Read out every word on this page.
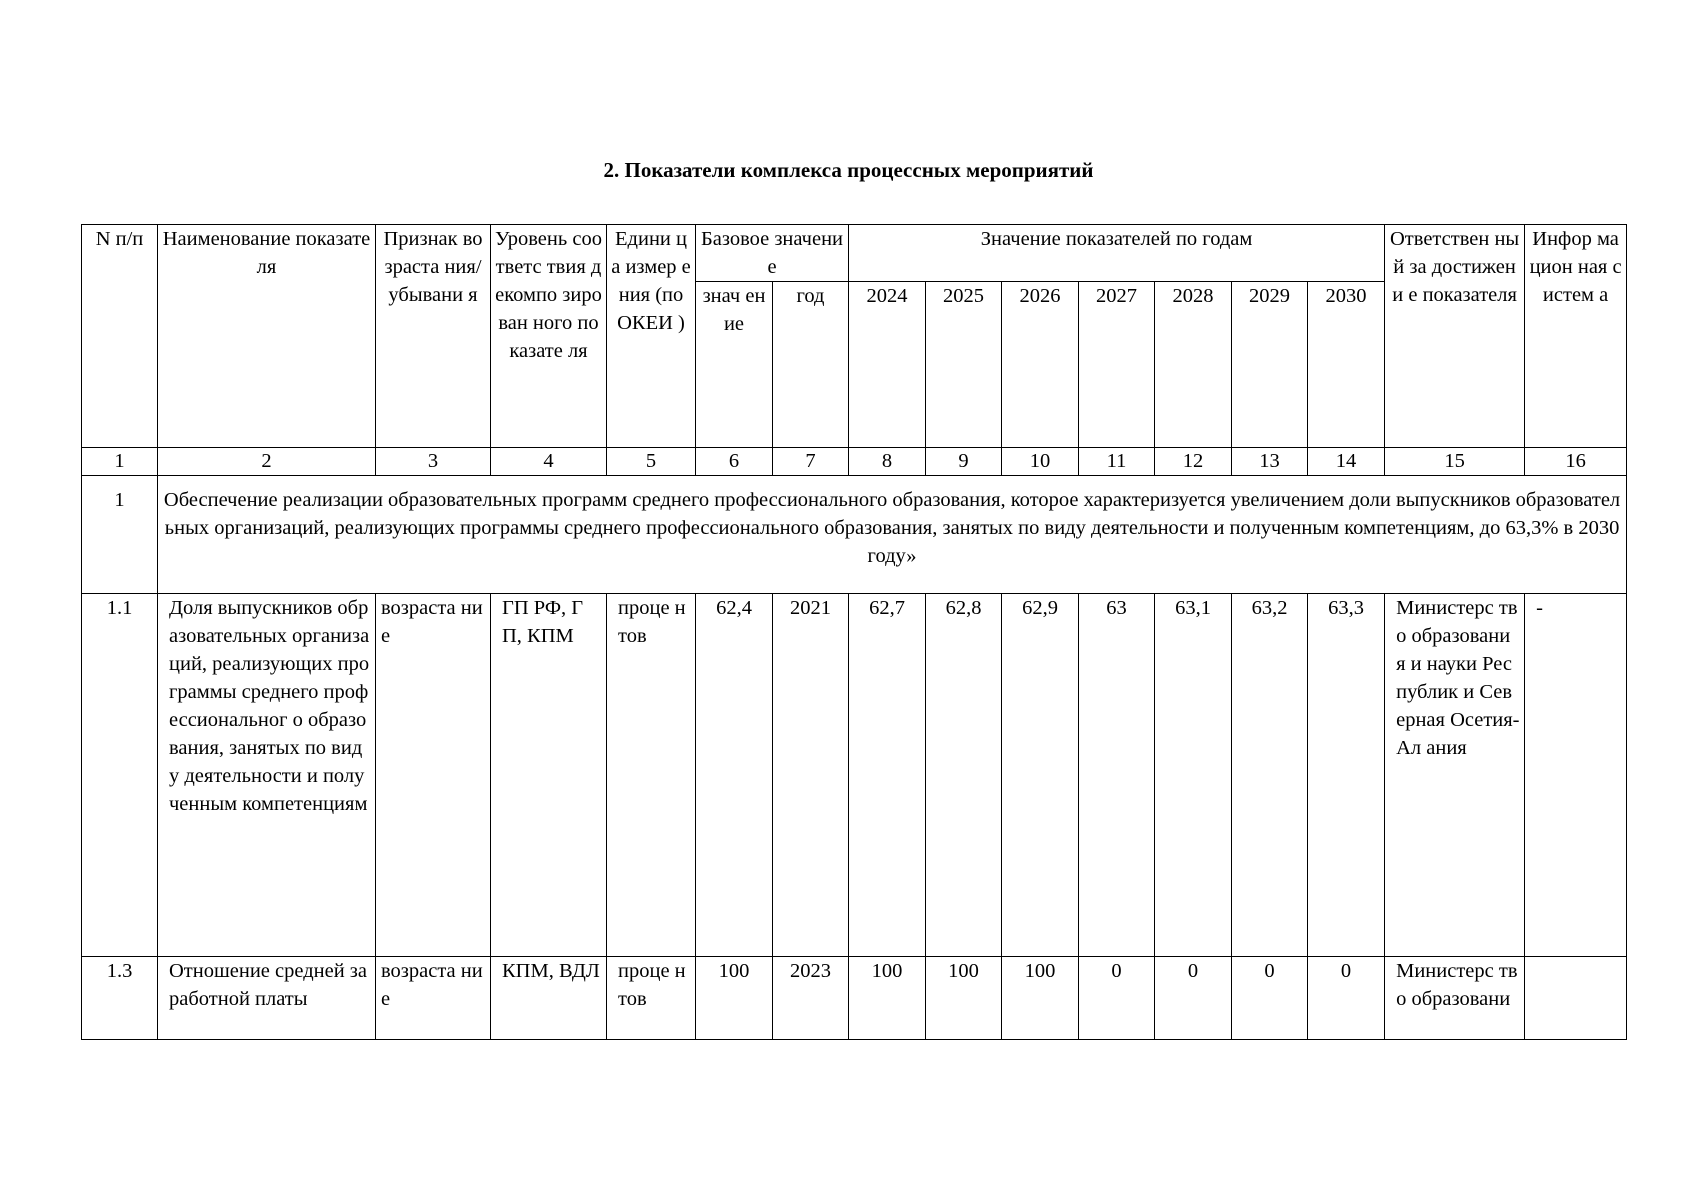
2. Показатели комплекса процессных мероприятий
N п/п	Наименование показателя	Признак возраста ния/ убывани я	Уровень соответс твия декомпо зирован ного показате ля	Едини ца измер ения (по ОКЕИ )	Базовое значение		Значение показателей по годам							Ответствен ный за достижени е показателя	Инфор мацион ная систем а
					знач ение	год	2024	2025	2026	2027	2028	2029	2030		
1	2	3	4	5	6	7	8	9	10	11	12	13	14	15	16
1	Обеспечение реализации образовательных программ среднего профессионального образования, которое характеризуется увеличением доли выпускников образовательных организаций, реализующих программы среднего профессионального образования, занятых по виду деятельности и полученным компетенциям, до 63,3% в 2030 году»														
1.1	Доля выпускников образовательных организаций, реализующих программы среднего профессиональног о образования, занятых по виду деятельности и полученным компетенциям	возраста ние	ГП РФ, ГП, КПМ	проце нтов	62,4	2021	62,7	62,8	62,9	63	63,1	63,2	63,3	Министерс тво образовани я и науки Республик и Северная Осетия-Ал ания	-
1.3	Отношение средней заработной платы	возраста ние	КПМ, ВДЛ	проце нтов	100	2023	100	100	100	0	0	0	0	Министерс тво образовани	
